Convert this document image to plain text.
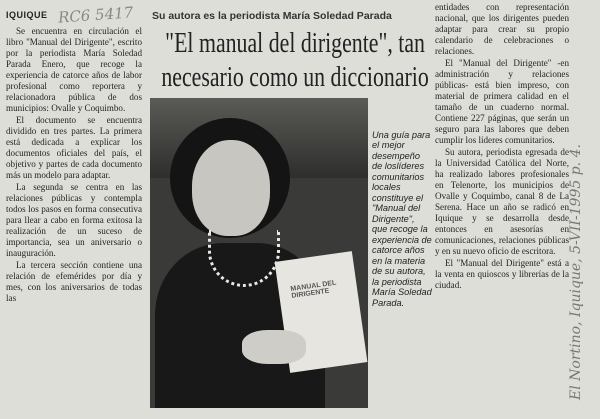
IQUIQUE RC6 5417 Su autora es la periodista María Soledad Parada
"El manual del dirigente", tan necesario como un diccionario

Se encuentra en circulación el libro "Manual del Dirigente", escrito por la periodista María Soledad Parada Enero, que recoge la experiencia de catorce años de labor profesional como reportera y relacionadora pública de dos municipios: Ovalle y Coquimbo.

El documento se encuentra dividido en tres partes. La primera está dedicada a explicar los documentos oficiales del país, el objetivo y partes de cada documento más un modelo para adaptar.

La segunda se centra en las relaciones públicas y contempla todos los pasos en forma consecutiva para llear a cabo en forma exitosa la realización de un suceso de importancia, sea un aniversario o inauguración.

La tercera sección contiene una relación de efemérides por día y mes, con los aniversarios de todas las

MANUAL DEL DIRIGENTE
Una guía para el mejor desempeño de loslíderes comunitarios locales constituye el "Manual del Dirigente", que recoge la experiencia de catorce años en la materia de su autora, la periodista María Soledad Parada.

entidades con representación nacional, que los dirigentes pueden adaptar para crear su propio calendario de celebraciones o relaciones.

El "Manual del Dirigente" -en administración y relaciones públicas- está bien impreso, con material de primera calidad en el tamaño de un cuaderno normal. Contiene 227 páginas, que serán un seguro para las labores que deben cumplir los líderes comunitarios.

Su autora, periodista egresada de la Universidad Católica del Norte, ha realizado labores profesionales en Telenorte, los municipios de Ovalle y Coquimbo, canal 8 de La Serena. Hace un año se radicó en Iquique y se desarrolla desde entonces en asesorías en comunicaciones, relaciones públicas y en su nuevo oficio de escritora.

El "Manual del Dirigente" está a la venta en quioscos y librerías de la ciudad.	El Nortino, Iquique, 5-VII-1995 p. 4.
